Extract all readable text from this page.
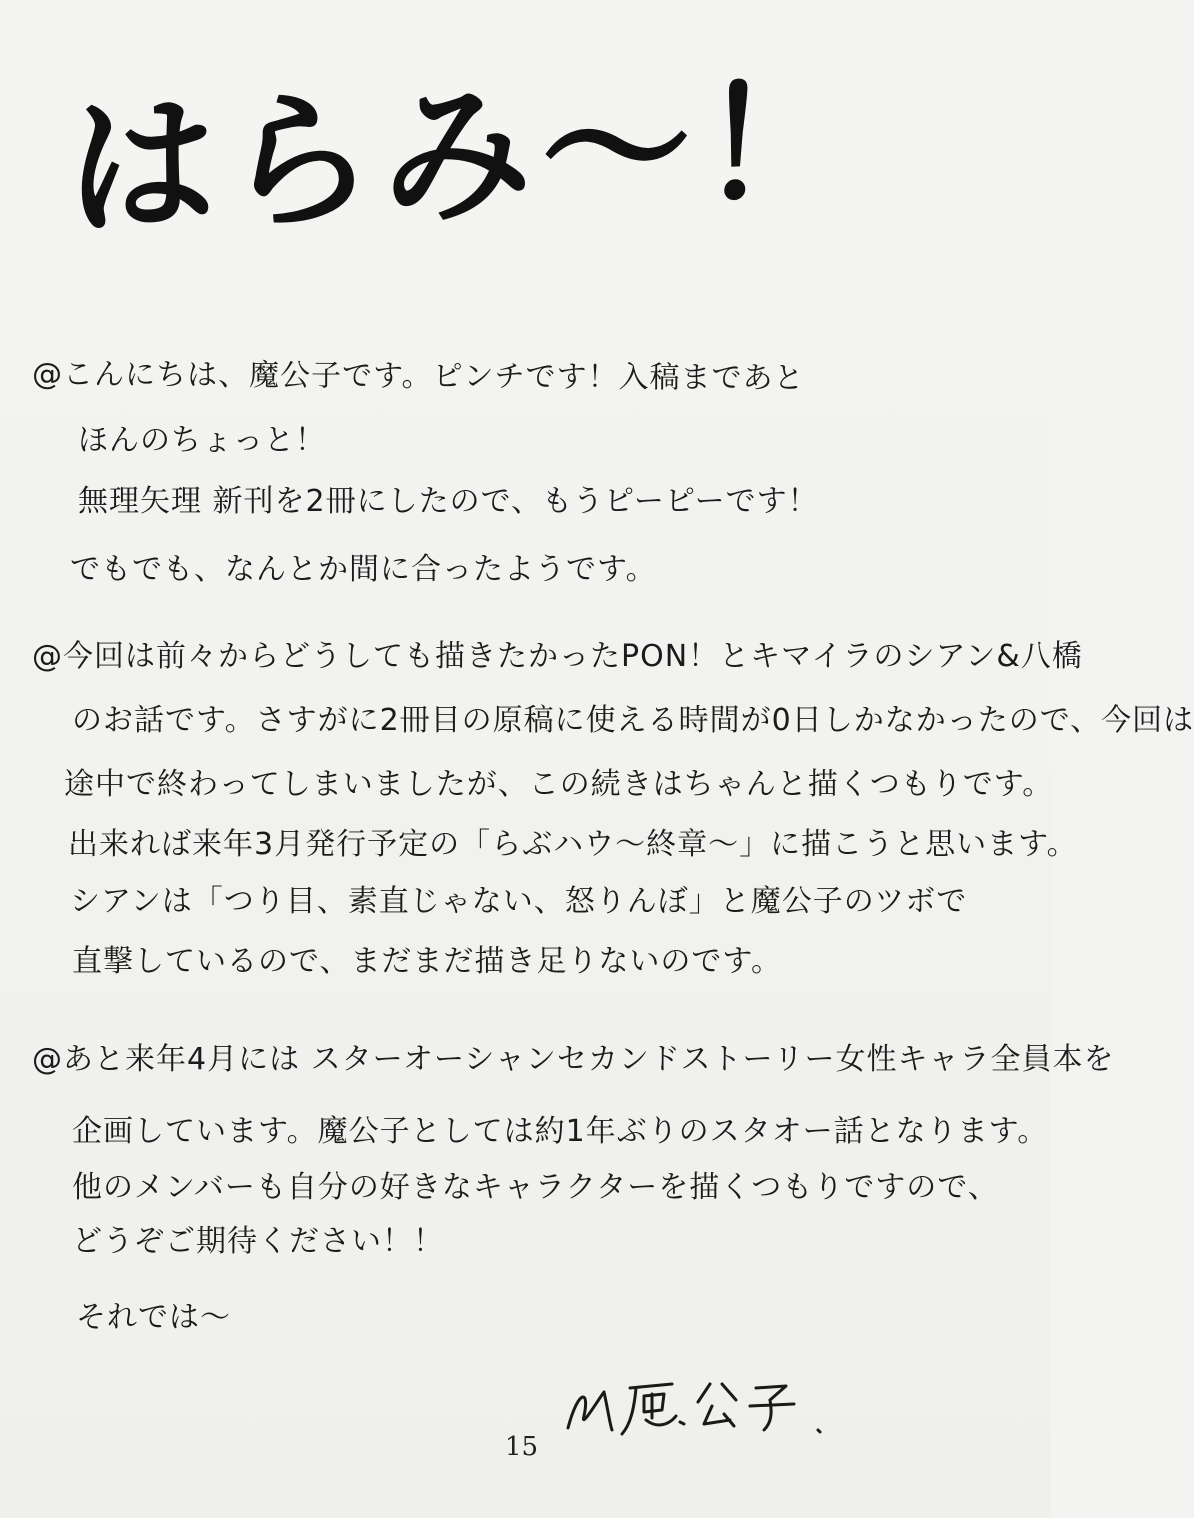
はらみ〜！
@こんにちは、魔公子です。ピンチです！入稿まであと
ほんのちょっと！
無理矢理 新刊を2冊にしたので、もうピーピーです！
でもでも、なんとか間に合ったようです。
@今回は前々からどうしても描きたかったPON！とキマイラのシアン&八橋
のお話です。さすがに2冊目の原稿に使える時間が0日しかなかったので、今回は
途中で終わってしまいましたが、この続きはちゃんと描くつもりです。
出来れば来年3月発行予定の「らぶハウ〜終章〜」に描こうと思います。
シアンは「つり目、素直じゃない、怒りんぼ」と魔公子のツボで
直撃しているので、まだまだ描き足りないのです。
@あと来年4月には スターオーシャンセカンドストーリー女性キャラ全員本を
企画しています。魔公子としては約1年ぶりのスタオー話となります。
他のメンバーも自分の好きなキャラクターを描くつもりですので、
どうぞご期待ください！！
それでは〜
15
